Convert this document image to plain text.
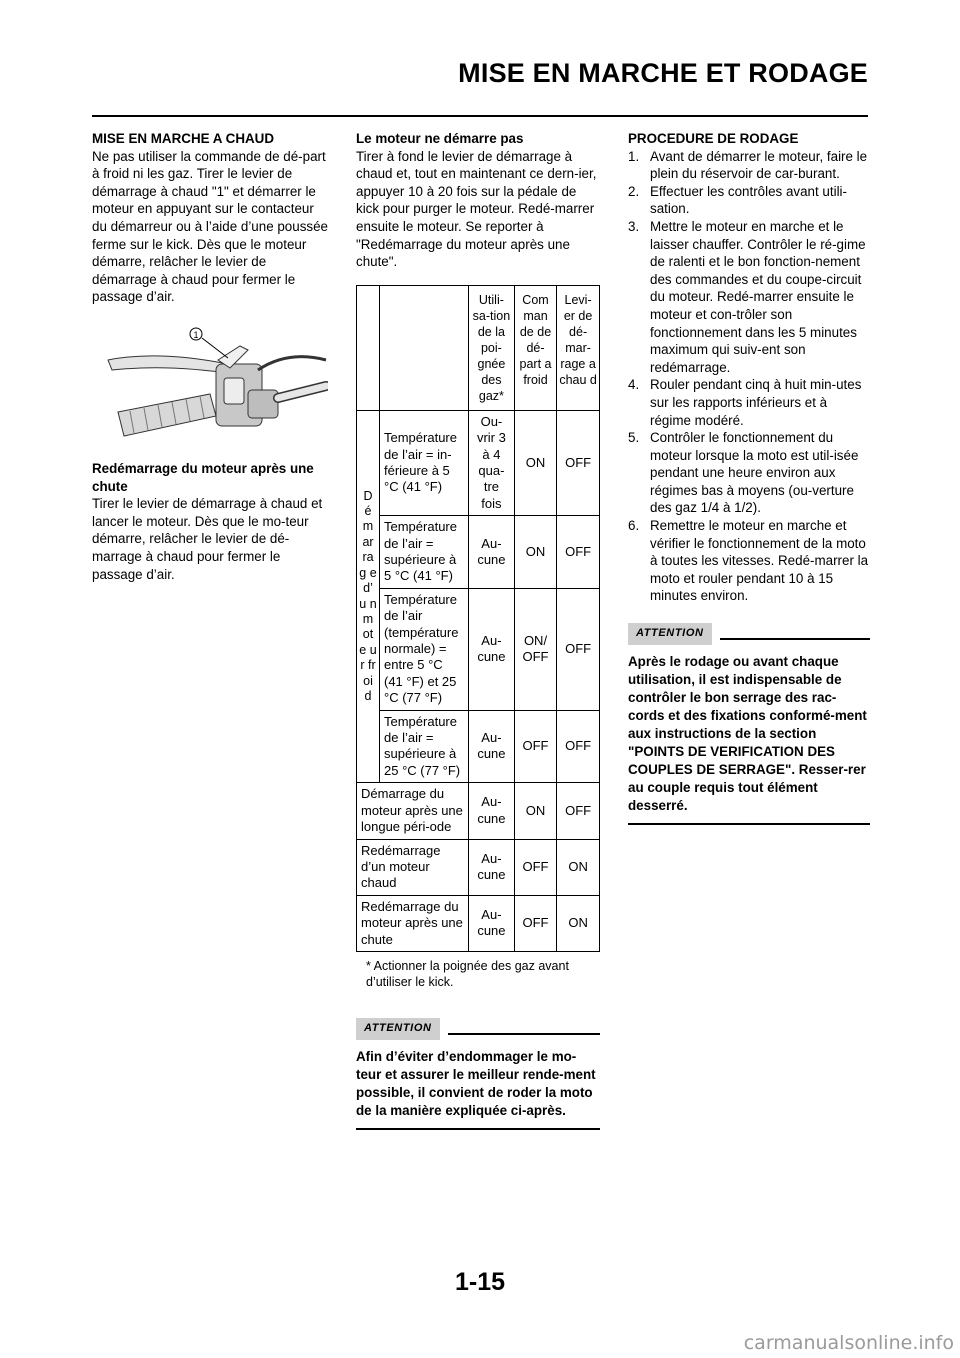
MISE EN MARCHE ET RODAGE

MISE EN MARCHE A CHAUD

Ne pas utiliser la commande de dé-part à froid ni les gaz. Tirer le levier de démarrage à chaud "1" et démarrer le moteur en appuyant sur le contacteur du démarreur ou à l’aide d’une poussée ferme sur le kick. Dès que le moteur démarre, relâcher le levier de démarrage à chaud pour fermer le passage d’air.

1

Redémarrage du moteur après une chute

Tirer le levier de démarrage à chaud et lancer le moteur. Dès que le mo-teur démarre, relâcher le levier de dé-marrage à chaud pour fermer le passage d’air.

Le moteur ne démarre pas

Tirer à fond le levier de démarrage à chaud et, tout en maintenant ce dern-ier, appuyer 10 à 20 fois sur la pédale de kick pour purger le moteur. Redé-marrer ensuite le moteur. Se reporter à "Redémarrage du moteur après une chute".

		Utili-sa-tion de la poi-gnée des gaz*	Com man de de dé-part a froid	Levi-er de dé-mar-rage a chau d
D é m ar ra g e d’ u n m ot e ur fr oi d	Température de l’air = in-férieure à 5 °C (41 °F)	Ou-vrir 3 à 4 qua-tre fois	ON	OFF
	Température de l’air = supérieure à 5 °C (41 °F)	Au-cune	ON	OFF
	Température de l’air (température normale) = entre 5 °C (41 °F) et 25 °C (77 °F)	Au-cune	ON/ OFF	OFF
	Température de l’air = supérieure à 25 °C (77 °F)	Au-cune	OFF	OFF
Démarrage du moteur après une longue péri-ode		Au-cune	ON	OFF
Redémarrage d’un moteur chaud		Au-cune	OFF	ON
Redémarrage du moteur après une chute		Au-cune	OFF	ON
* Actionner la poignée des gaz avant d’utiliser le kick.
ATTENTION

Afin d’éviter d’endommager le mo-teur et assurer le meilleur rende-ment possible, il convient de roder la moto de la manière expliquée ci-après.

PROCEDURE DE RODAGE

1. Avant de démarrer le moteur, faire le plein du réservoir de car-burant.
2. Effectuer les contrôles avant utili-sation.
3. Mettre le moteur en marche et le laisser chauffer. Contrôler le ré-gime de ralenti et le bon fonction-nement des commandes et du coupe-circuit du moteur. Redé-marrer ensuite le moteur et con-trôler son fonctionnement dans les 5 minutes maximum qui suiv-ent son redémarrage.
4. Rouler pendant cinq à huit min-utes sur les rapports inférieurs et à régime modéré.
5. Contrôler le fonctionnement du moteur lorsque la moto est util-isée pendant une heure environ aux régimes bas à moyens (ou-verture des gaz 1/4 à 1/2).
6. Remettre le moteur en marche et vérifier le fonctionnement de la moto à toutes les vitesses. Redé-marrer la moto et rouler pendant 10 à 15 minutes environ.
ATTENTION

Après le rodage ou avant chaque utilisation, il est indispensable de contrôler le bon serrage des rac-cords et des fixations conformé-ment aux instructions de la section "POINTS DE VERIFICATION DES COUPLES DE SERRAGE". Resser-rer au couple requis tout élément desserré.

1-15
carmanualsonline.info
